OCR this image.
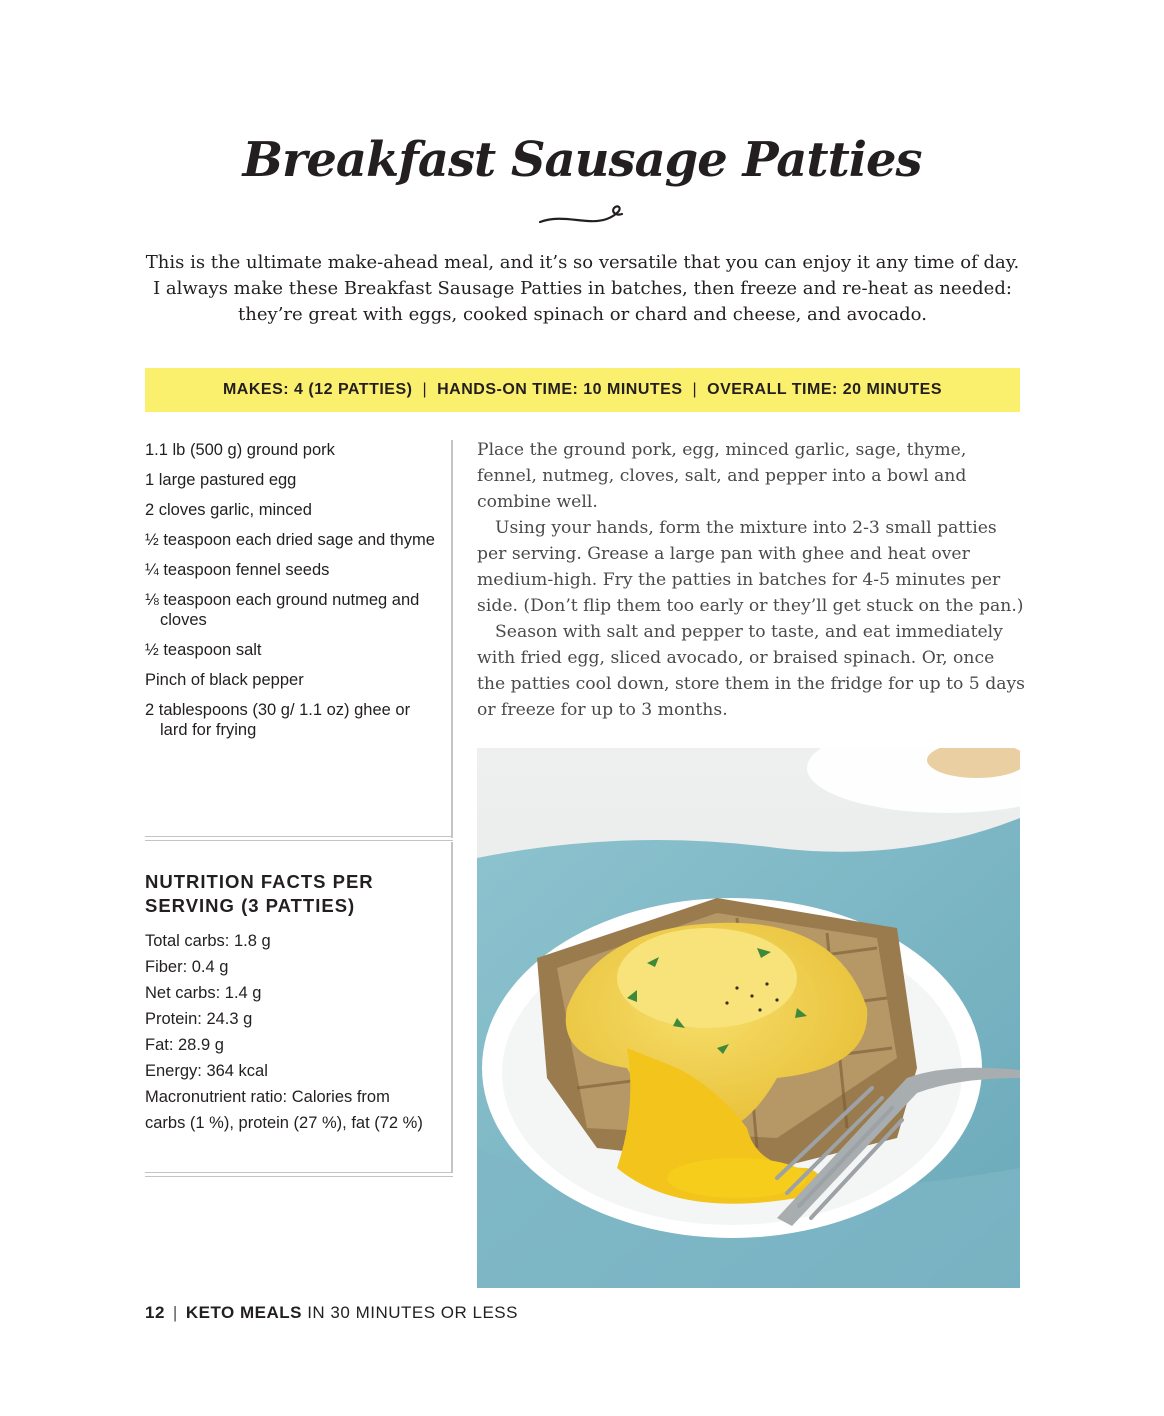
Breakfast Sausage Patties
This is the ultimate make-ahead meal, and it’s so versatile that you can enjoy it any time of day. I always make these Breakfast Sausage Patties in batches, then freeze and re-heat as needed: they’re great with eggs, cooked spinach or chard and cheese, and avocado.
MAKES: 4 (12 PATTIES) | HANDS-ON TIME: 10 MINUTES | OVERALL TIME: 20 MINUTES
1.1 lb (500 g) ground pork
1 large pastured egg
2 cloves garlic, minced
½ teaspoon each dried sage and thyme
¼ teaspoon fennel seeds
⅛ teaspoon each ground nutmeg and cloves
½ teaspoon salt
Pinch of black pepper
2 tablespoons (30 g/ 1.1 oz) ghee or lard for frying
NUTRITION FACTS PER
SERVING (3 PATTIES)
Total carbs: 1.8 g
Fiber: 0.4 g
Net carbs: 1.4 g
Protein: 24.3 g
Fat: 28.9 g
Energy: 364 kcal
Macronutrient ratio: Calories from
carbs (1 %), protein (27 %), fat (72 %)

Place the ground pork, egg, minced garlic, sage, thyme, fennel, nutmeg, cloves, salt, and pepper into a bowl and combine well.

Using your hands, form the mixture into 2-3 small patties per serving. Grease a large pan with ghee and heat over medium-high. Fry the patties in batches for 4-5 minutes per side. (Don’t flip them too early or they’ll get stuck on the pan.)

Season with salt and pepper to taste, and eat immediately with fried egg, sliced avocado, or braised spinach. Or, once the patties cool down, store them in the fridge for up to 5 days or freeze for up to 3 months.

12 | KETO MEALS IN 30 MINUTES OR LESS
